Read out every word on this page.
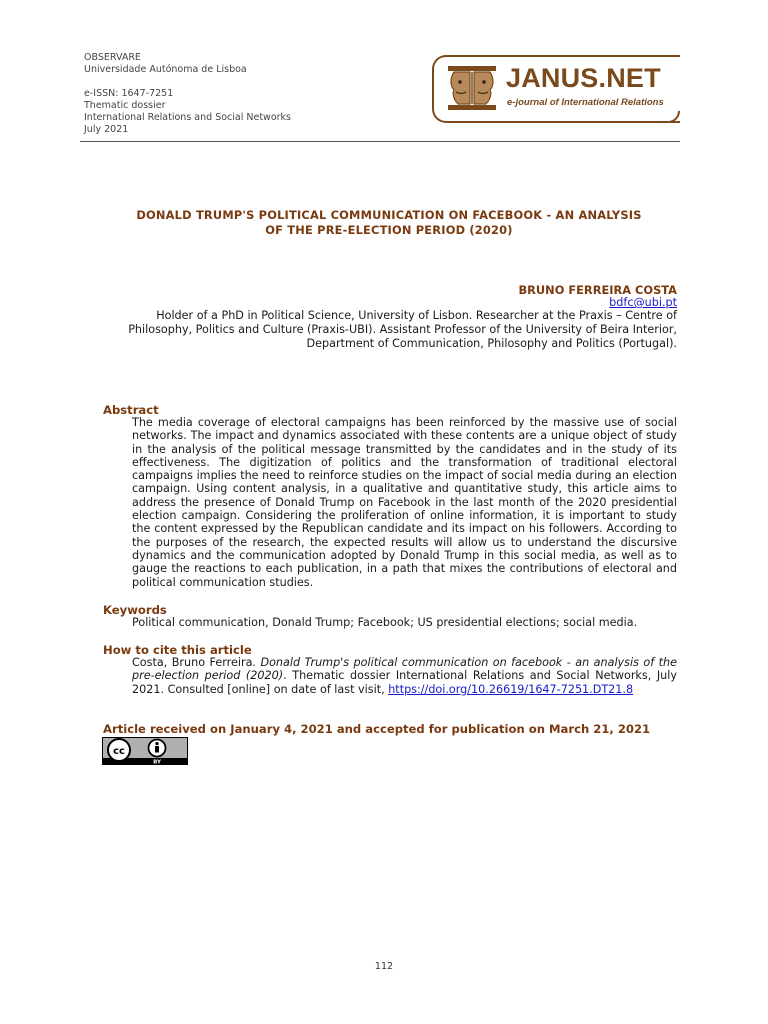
OBSERVARE
Universidade Autónoma de Lisboa
e-ISSN: 1647-7251
Thematic dossier
International Relations and Social Networks
July 2021
JANUS.NET
e-journal of International Relations
DONALD TRUMP'S POLITICAL COMMUNICATION ON FACEBOOK - AN ANALYSIS
OF THE PRE-ELECTION PERIOD (2020)
BRUNO FERREIRA COSTA
bdfc@ubi.pt
Holder of a PhD in Political Science, University of Lisbon. Researcher at the Praxis – Centre of Philosophy, Politics and Culture (Praxis-UBI). Assistant Professor of the University of Beira Interior, Department of Communication, Philosophy and Politics (Portugal).
Abstract
The media coverage of electoral campaigns has been reinforced by the massive use of social networks. The impact and dynamics associated with these contents are a unique object of study in the analysis of the political message transmitted by the candidates and in the study of its effectiveness. The digitization of politics and the transformation of traditional electoral campaigns implies the need to reinforce studies on the impact of social media during an election campaign. Using content analysis, in a qualitative and quantitative study, this article aims to address the presence of Donald Trump on Facebook in the last month of the 2020 presidential election campaign. Considering the proliferation of online information, it is important to study the content expressed by the Republican candidate and its impact on his followers. According to the purposes of the research, the expected results will allow us to understand the discursive dynamics and the communication adopted by Donald Trump in this social media, as well as to gauge the reactions to each publication, in a path that mixes the contributions of electoral and political communication studies.
Keywords
Political communication, Donald Trump; Facebook; US presidential elections; social media.
How to cite this article
Costa, Bruno Ferreira. Donald Trump's political communication on facebook - an analysis of the pre-election period (2020). Thematic dossier International Relations and Social Networks, July 2021. Consulted [online] on date of last visit, https://doi.org/10.26619/1647-7251.DT21.8
Article received on January 4, 2021 and accepted for publication on March 21, 2021
cc
BY
112
